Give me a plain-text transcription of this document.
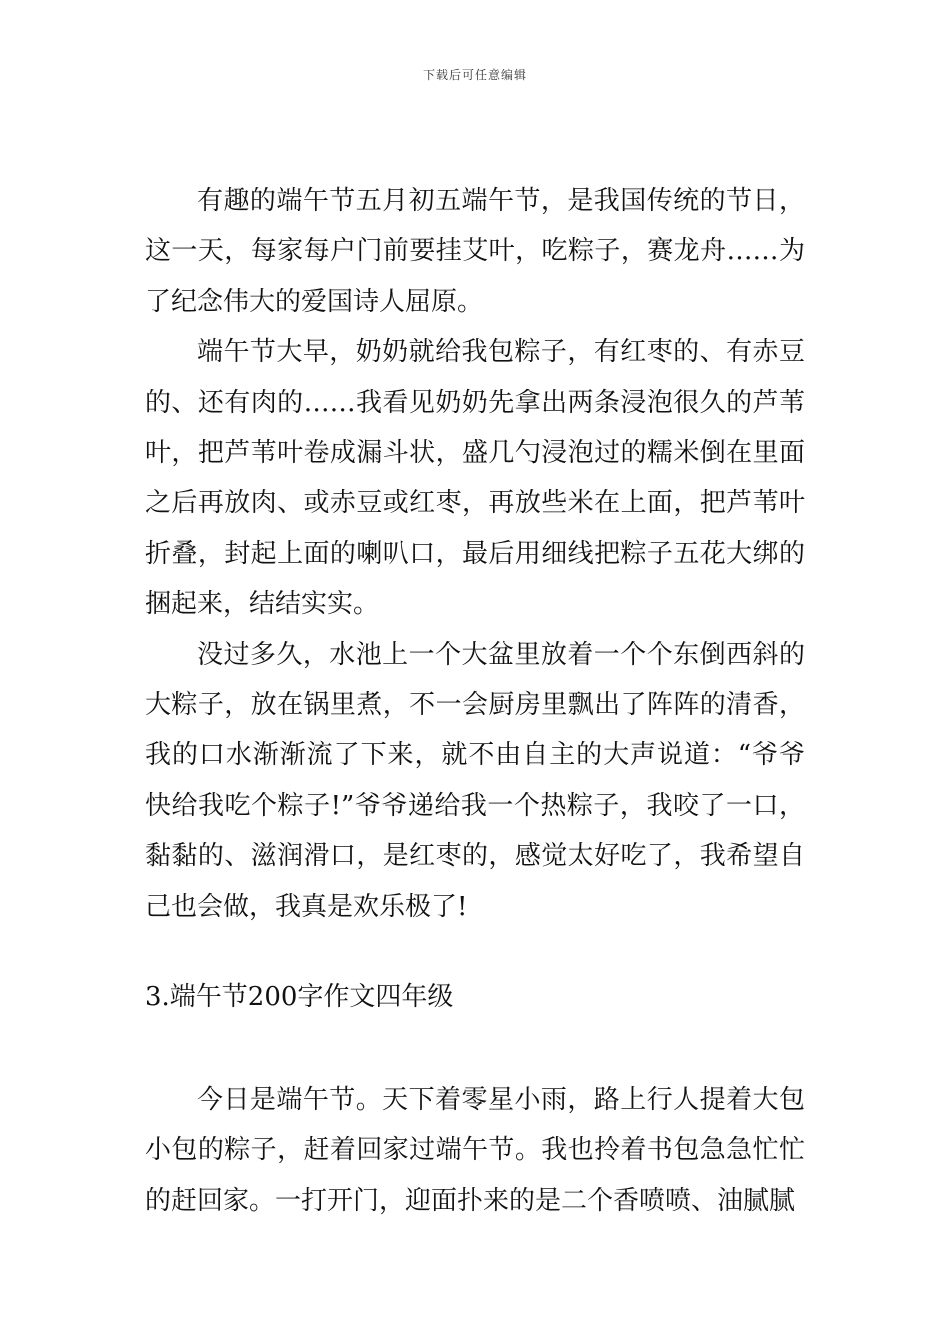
下载后可任意编辑

有趣的端午节五月初五端午节，是我国传统的节日，这一天，每家每户门前要挂艾叶，吃粽子，赛龙舟……为了纪念伟大的爱国诗人屈原。

端午节大早，奶奶就给我包粽子，有红枣的、有赤豆的、还有肉的……我看见奶奶先拿出两条浸泡很久的芦苇叶，把芦苇叶卷成漏斗状，盛几勺浸泡过的糯米倒在里面之后再放肉、或赤豆或红枣，再放些米在上面，把芦苇叶折叠，封起上面的喇叭口，最后用细线把粽子五花大绑的捆起来，结结实实。

没过多久，水池上一个大盆里放着一个个东倒西斜的大粽子，放在锅里煮，不一会厨房里飘出了阵阵的清香，我的口水渐渐流了下来，就不由自主的大声说道：“爷爷快给我吃个粽子!”爷爷递给我一个热粽子，我咬了一口，黏黏的、滋润滑口，是红枣的，感觉太好吃了，我希望自己也会做，我真是欢乐极了!

3.端午节200字作文四年级

今日是端午节。天下着零星小雨，路上行人提着大包小包的粽子，赶着回家过端午节。我也拎着书包急急忙忙的赶回家。一打开门，迎面扑来的是二个香喷喷、油腻腻
